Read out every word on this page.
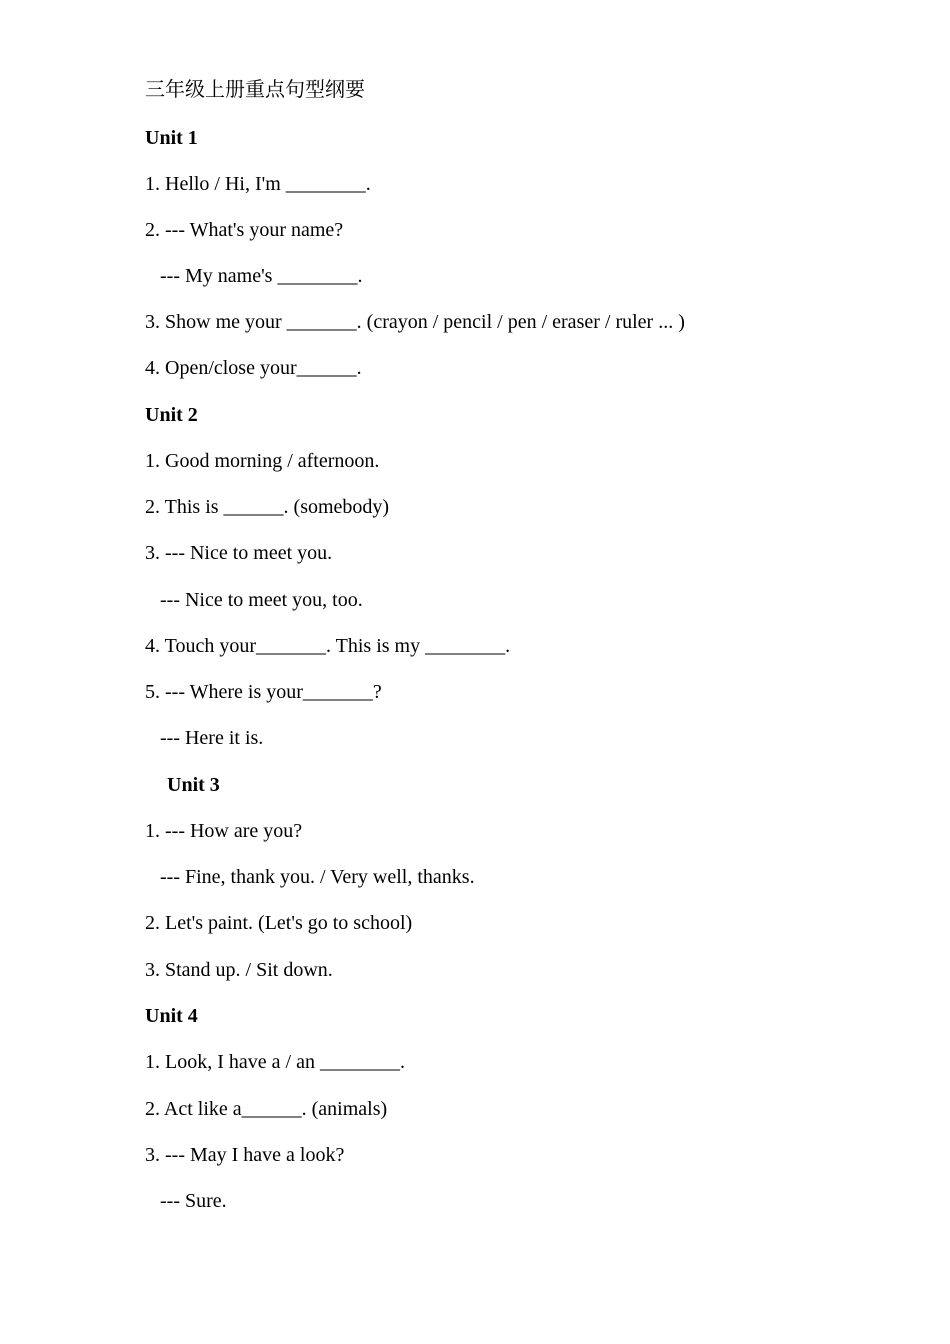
三年级上册重点句型纲要
Unit 1
1. Hello / Hi, I'm ________.
2. --- What's your name?
--- My name's ________.
3. Show me your _______. (crayon / pencil / pen / eraser / ruler ... )
4. Open/close your______.
Unit 2
1. Good morning / afternoon.
2. This is ______. (somebody)
3. --- Nice to meet you.
--- Nice to meet you, too.
4. Touch your_______. This is my ________.
5. --- Where is your_______?
--- Here it is.
Unit 3
1. --- How are you?
--- Fine, thank you. / Very well, thanks.
2. Let's paint. (Let's go to school)
3. Stand up. / Sit down.
Unit 4
1. Look, I have a / an ________.
2. Act like a______. (animals)
3. --- May I have a look?
--- Sure.
